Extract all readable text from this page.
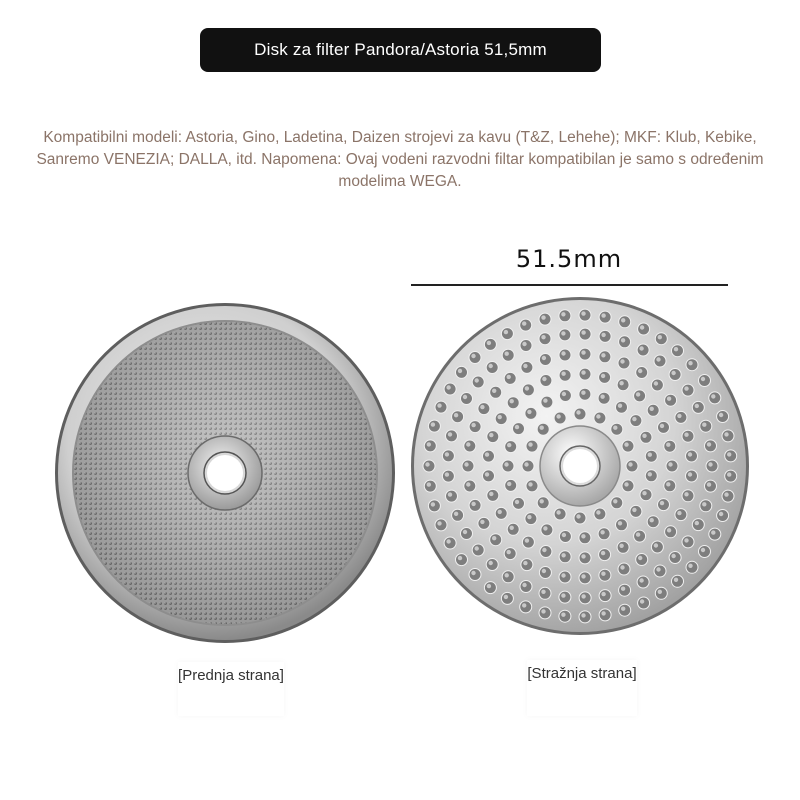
Disk za filter Pandora/Astoria 51,5mm
Kompatibilni modeli: Astoria, Gino, Ladetina, Daizen strojevi za kavu (T&Z, Lehehe); MKF: Klub, Kebike, Sanremo VENEZIA; DALLA, itd. Napomena: Ovaj vodeni razvodni filtar kompatibilan je samo s određenim modelima WEGA.
51.5mm
[Prednja strana]	[Stražnja strana]
